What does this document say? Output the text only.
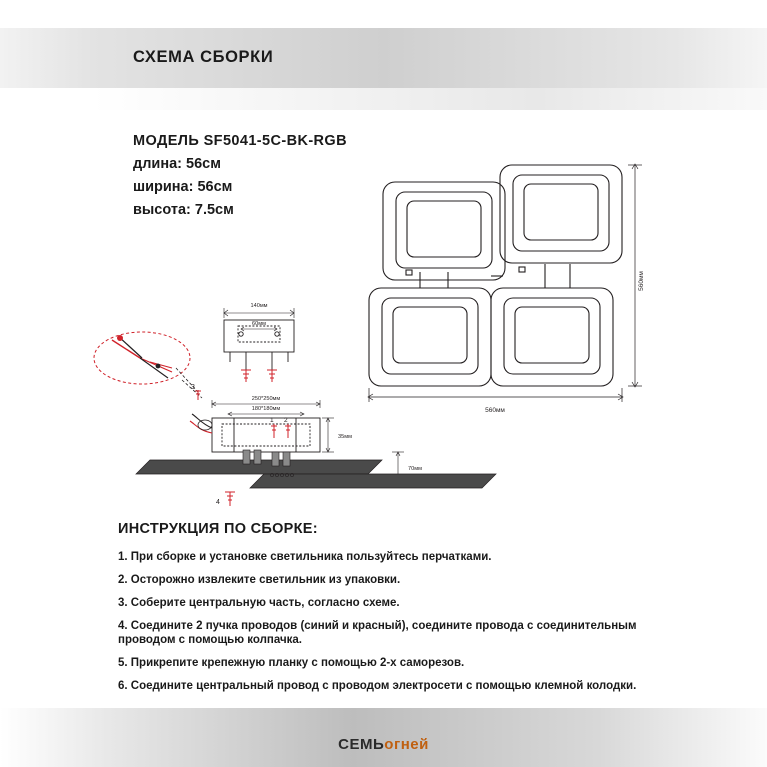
СХЕМА СБОРКИ
МОДЕЛЬ SF5041-5C-BK-RGB
длина: 56см
ширина: 56см
высота: 7.5см
560мм
560мм
140мм
60мм
3
250*250мм
180*180мм
35мм
70мм
1 2
4
ИНСТРУКЦИЯ ПО СБОРКЕ:
1. При сборке и установке светильника пользуйтесь перчатками.
2. Осторожно извлеките светильник из упаковки.
3. Соберите центральную часть, согласно схеме.
4. Соедините 2 пучка проводов (синий и красный), соедините провода с соединительным
проводом с помощью колпачка.
5. Прикрепите крепежную планку с помощью 2-х саморезов.
6. Соедините центральный провод с проводом электросети с помощью клемной колодки.
СЕМЬогней
